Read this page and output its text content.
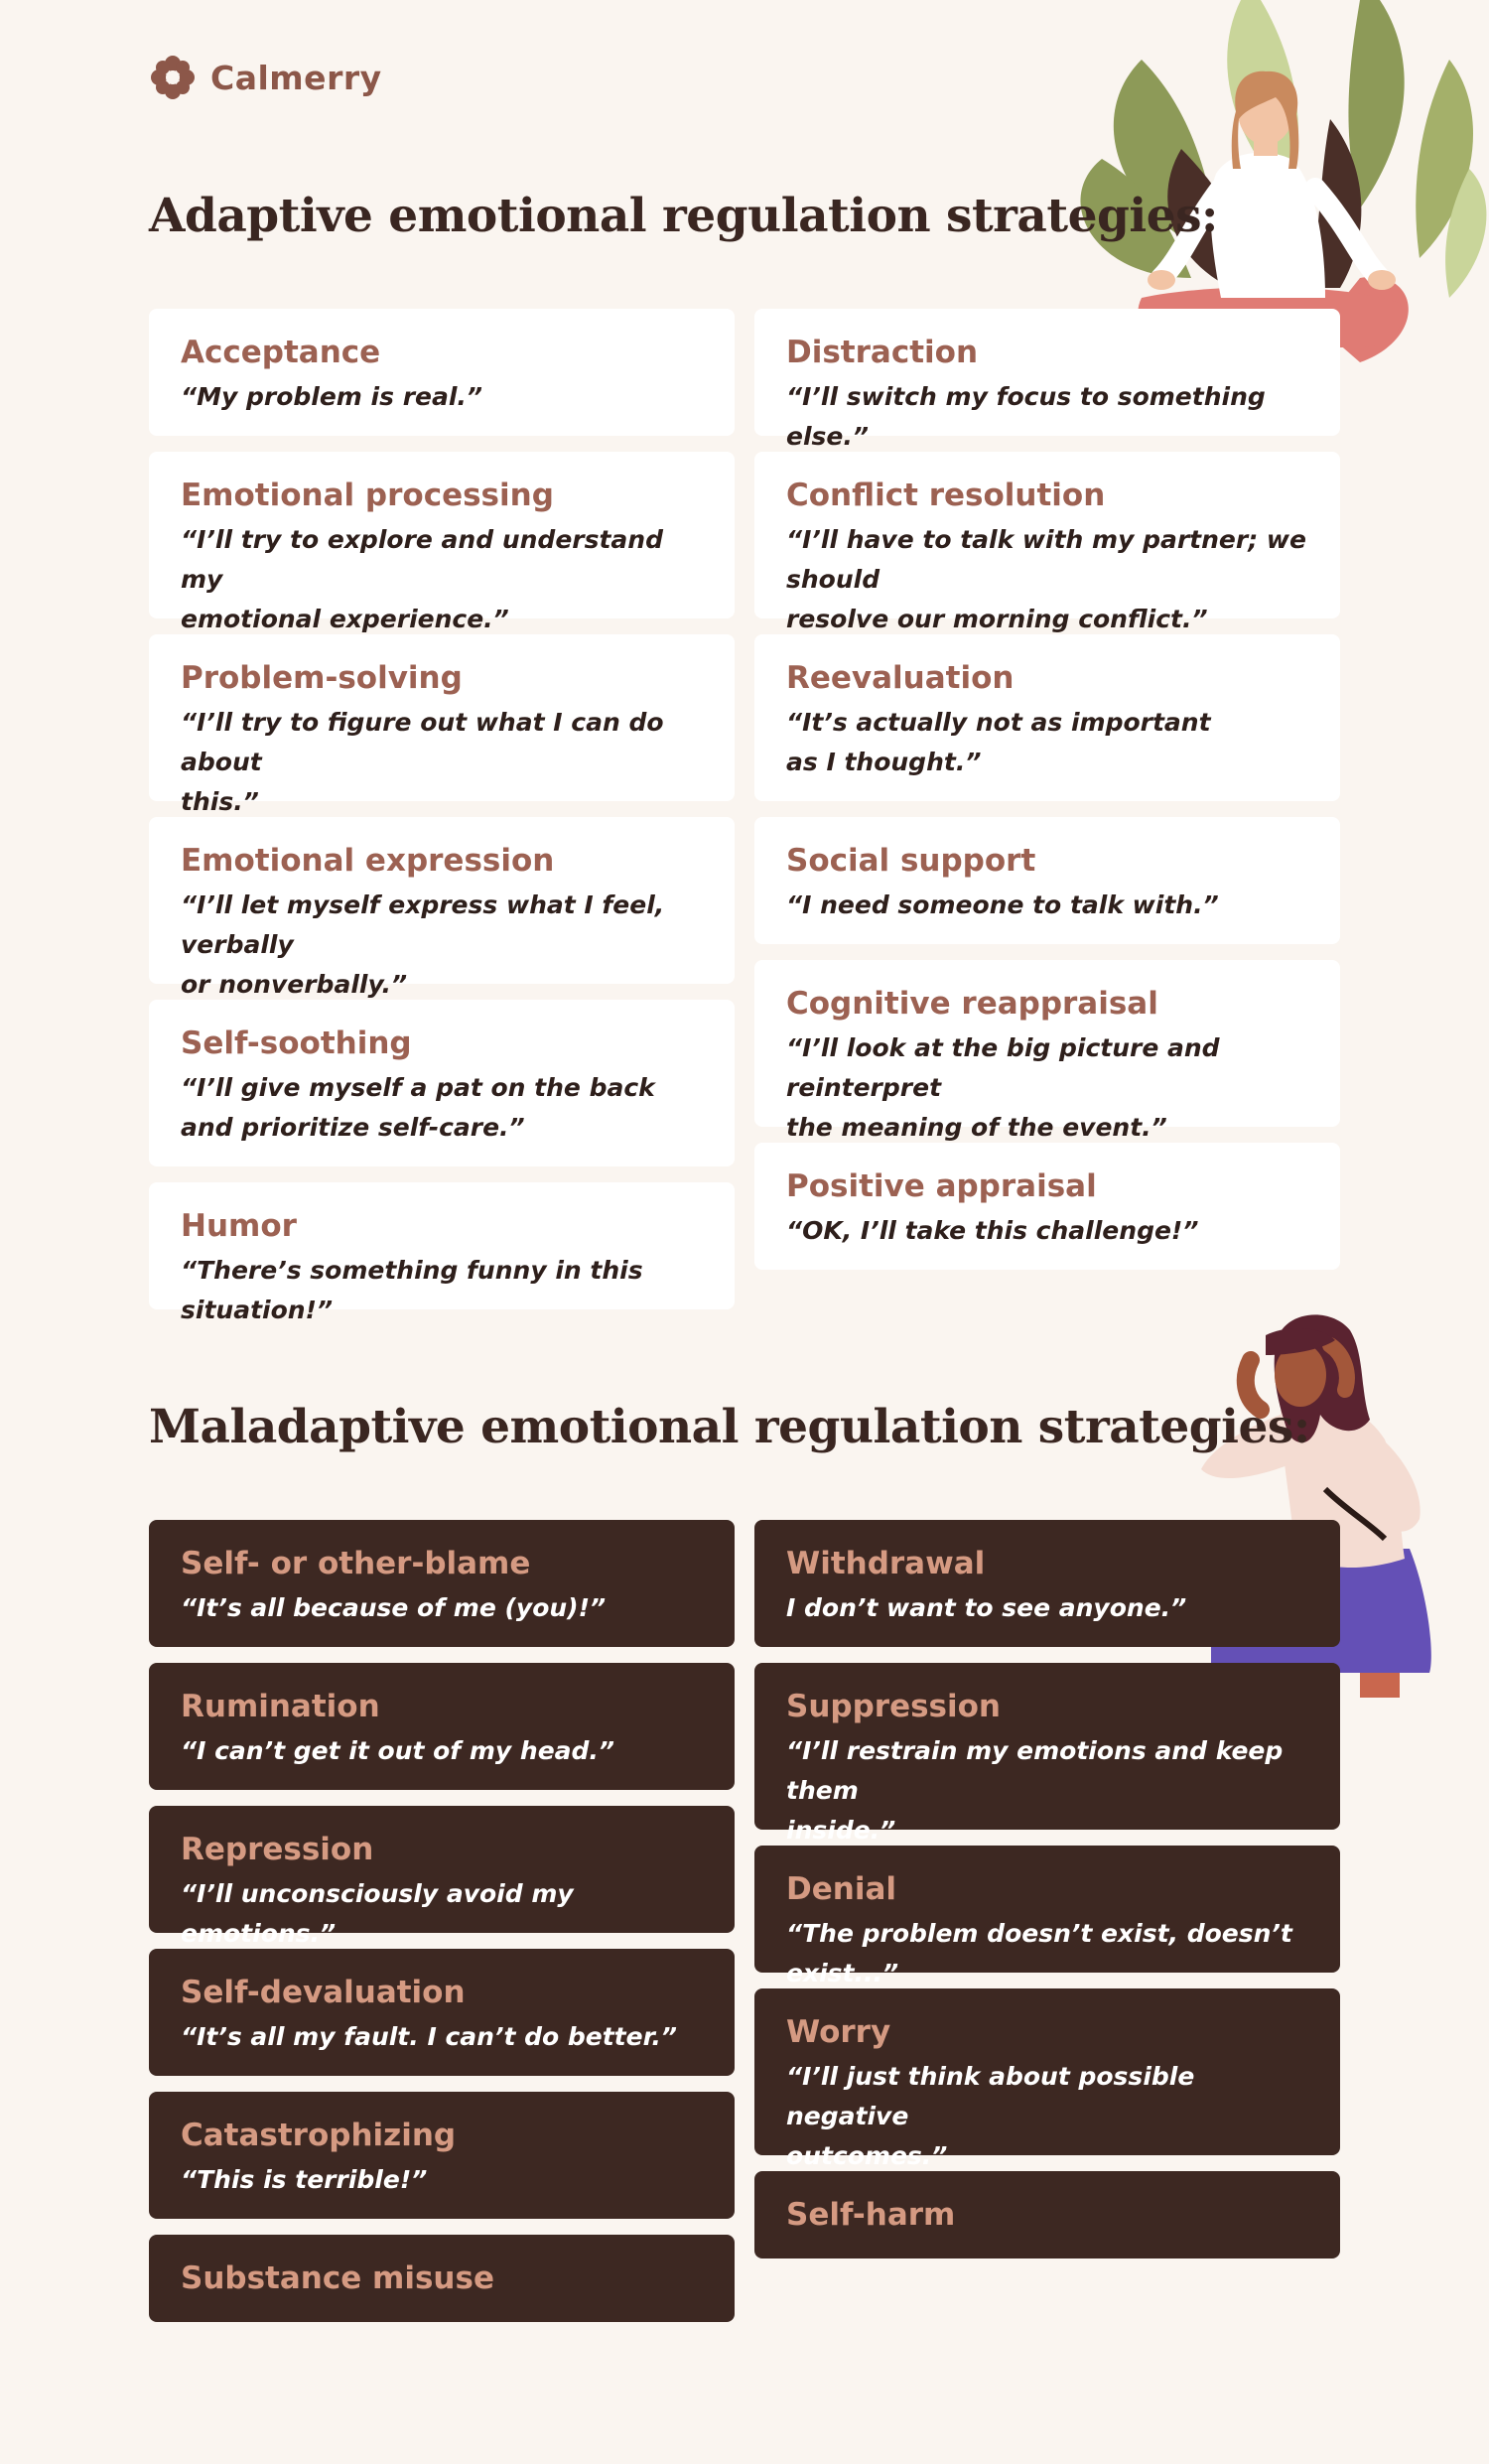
Calmerry
Adaptive emotional regulation strategies:
Acceptance
“My problem is real.”
Emotional processing
“I’ll try to explore and understand my
emotional experience.”
Problem-solving
“I’ll try to figure out what I can do about
this.”
Emotional expression
“I’ll let myself express what I feel, verbally
or nonverbally.”
Self-soothing
“I’ll give myself a pat on the back
and prioritize self-care.”
Humor
“There’s something funny in this situation!”
Distraction
“I’ll switch my focus to something else.”
Conflict resolution
“I’ll have to talk with my partner; we should
resolve our morning conflict.”
Reevaluation
“It’s actually not as important
as I thought.”
Social support
“I need someone to talk with.”
Cognitive reappraisal
“I’ll look at the big picture and reinterpret
the meaning of the event.”
Positive appraisal
“OK, I’ll take this challenge!”
Maladaptive emotional regulation strategies:
Self- or other-blame
“It’s all because of me (you)!”
Rumination
“I can’t get it out of my head.”
Repression
“I’ll unconsciously avoid my emotions.”
Self-devaluation
“It’s all my fault. I can’t do better.”
Catastrophizing
“This is terrible!”
Substance misuse
Withdrawal
I don’t want to see anyone.”
Suppression
“I’ll restrain my emotions and keep them
inside.”
Denial
“The problem doesn’t exist, doesn’t exist...”
Worry
“I’ll just think about possible negative
outcomes.”
Self-harm
